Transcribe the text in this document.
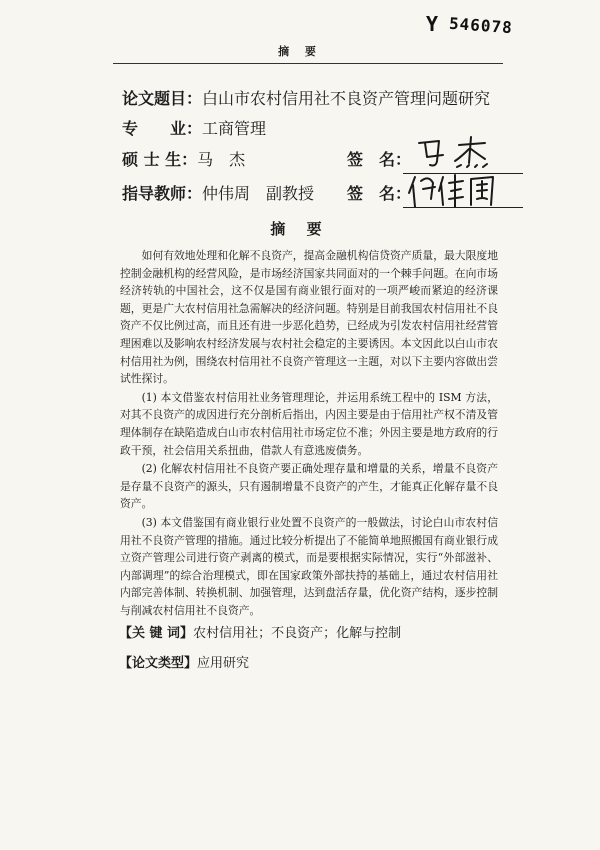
Y 546078
摘 要
论文题目：白山市农村信用社不良资产管理问题研究
专　　业：工商管理
硕 士 生：马　杰
指导教师：仲伟周　副教授
签　名：
签　名：
摘 要

如何有效地处理和化解不良资产，提高金融机构信贷资产质量，最大限度地控制金融机构的经营风险，是市场经济国家共同面对的一个棘手问题。在向市场经济转轨的中国社会，这不仅是国有商业银行面对的一项严峻而紧迫的经济课题，更是广大农村信用社急需解决的经济问题。特别是目前我国农村信用社不良资产不仅比例过高，而且还有进一步恶化趋势，已经成为引发农村信用社经营管理困难以及影响农村经济发展与农村社会稳定的主要诱因。本文因此以白山市农村信用社为例，围绕农村信用社不良资产管理这一主题，对以下主要内容做出尝试性探讨。

(1) 本文借鉴农村信用社业务管理理论，并运用系统工程中的 ISM 方法，对其不良资产的成因进行充分剖析后指出，内因主要是由于信用社产权不清及管理体制存在缺陷造成白山市农村信用社市场定位不准；外因主要是地方政府的行政干预，社会信用关系扭曲，借款人有意逃废债务。

(2) 化解农村信用社不良资产要正确处理存量和增量的关系，增量不良资产是存量不良资产的源头，只有遏制增量不良资产的产生，才能真正化解存量不良资产。

(3) 本文借鉴国有商业银行业处置不良资产的一般做法，讨论白山市农村信用社不良资产管理的措施。通过比较分析提出了不能简单地照搬国有商业银行成立资产管理公司进行资产剥离的模式，而是要根据实际情况，实行“外部滋补、内部调理”的综合治理模式，即在国家政策外部扶持的基础上，通过农村信用社内部完善体制、转换机制、加强管理，达到盘活存量，优化资产结构，逐步控制与削减农村信用社不良资产。

【关 键 词】农村信用社；不良资产；化解与控制
【论文类型】应用研究
